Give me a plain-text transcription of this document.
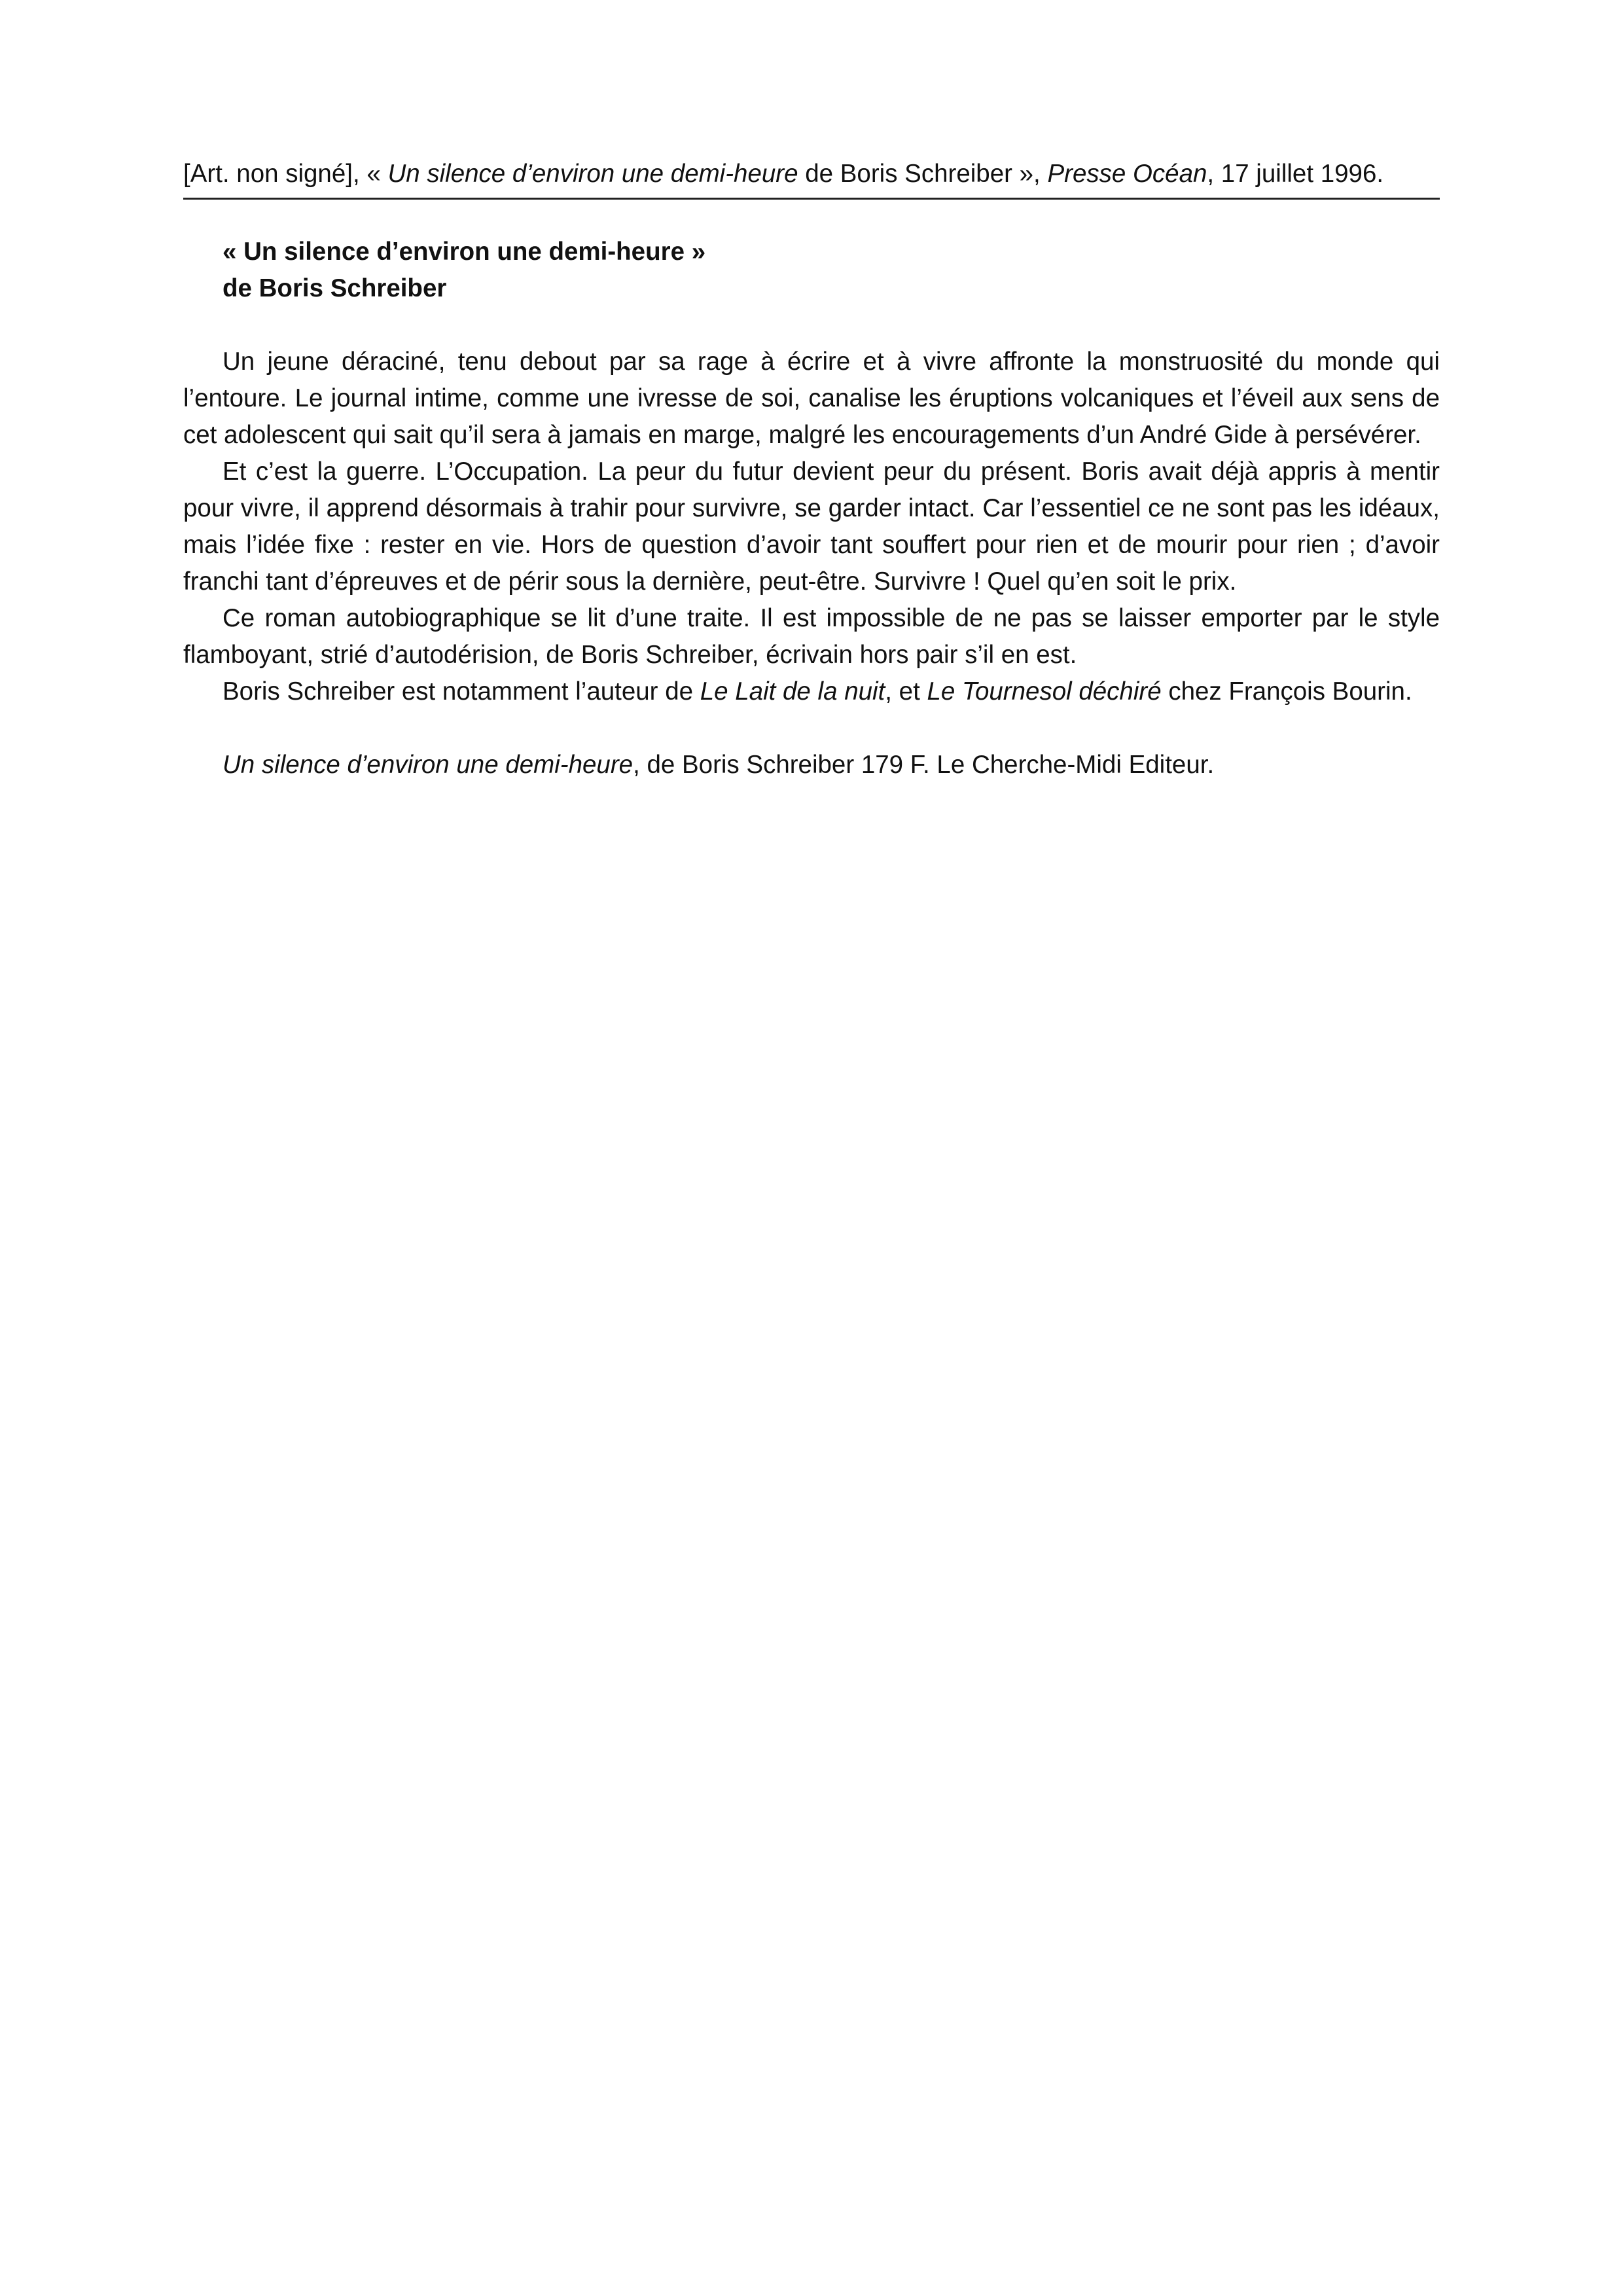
[Art. non signé], « Un silence d’environ une demi-heure de Boris Schreiber », Presse Océan, 17 juillet 1996.

« Un silence d’environ une demi-heure »
de Boris Schreiber

Un jeune déraciné, tenu debout par sa rage à écrire et à vivre affronte la monstruosité du monde qui l’entoure. Le journal intime, comme une ivresse de soi, canalise les éruptions volcaniques et l’éveil aux sens de cet adolescent qui sait qu’il sera à jamais en marge, malgré les encouragements d’un André Gide à persévérer.

Et c’est la guerre. L’Occupation. La peur du futur devient peur du présent. Boris avait déjà appris à mentir pour vivre, il apprend désormais à trahir pour survivre, se garder intact. Car l’essentiel ce ne sont pas les idéaux, mais l’idée fixe : rester en vie. Hors de question d’avoir tant souffert pour rien et de mourir pour rien ; d’avoir franchi tant d’épreuves et de périr sous la dernière, peut-être. Survivre ! Quel qu’en soit le prix.

Ce roman autobiographique se lit d’une traite. Il est impossible de ne pas se laisser emporter par le style flamboyant, strié d’autodérision, de Boris Schreiber, écrivain hors pair s’il en est.

Boris Schreiber est notamment l’auteur de Le Lait de la nuit, et Le Tournesol déchiré chez François Bourin.

Un silence d’environ une demi-heure, de Boris Schreiber 179 F. Le Cherche-Midi Editeur.
